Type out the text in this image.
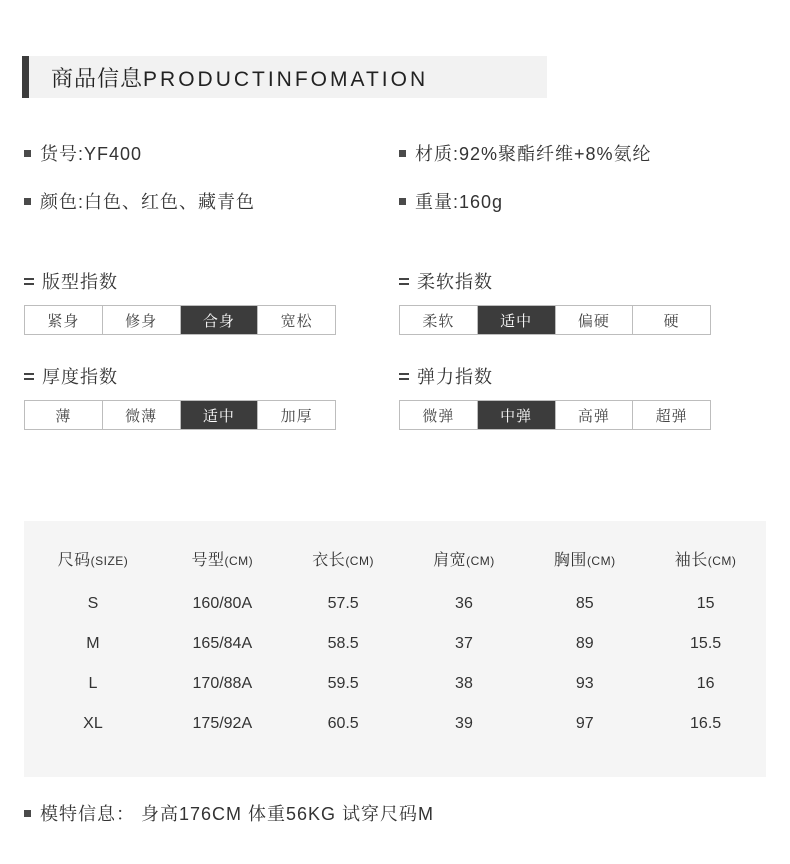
商品信息PRODUCTINFOMATION
货号:YF400	材质:92%聚酯纤维+8%氨纶
颜色:白色、红色、藏青色	重量:160g
版型指数
紧身	修身	合身	宽松
柔软指数
柔软	适中	偏硬	硬
厚度指数
薄	微薄	适中	加厚
弹力指数
微弹	中弹	高弹	超弹
尺码(SIZE)	号型(CM)	衣长(CM)	肩宽(CM)	胸围(CM)	袖长(CM)
S	160/80A	57.5	36	85	15
M	165/84A	58.5	37	89	15.5
L	170/88A	59.5	38	93	16
XL	175/92A	60.5	39	97	16.5
模特信息： 身高176CM 体重56KG 试穿尺码M
